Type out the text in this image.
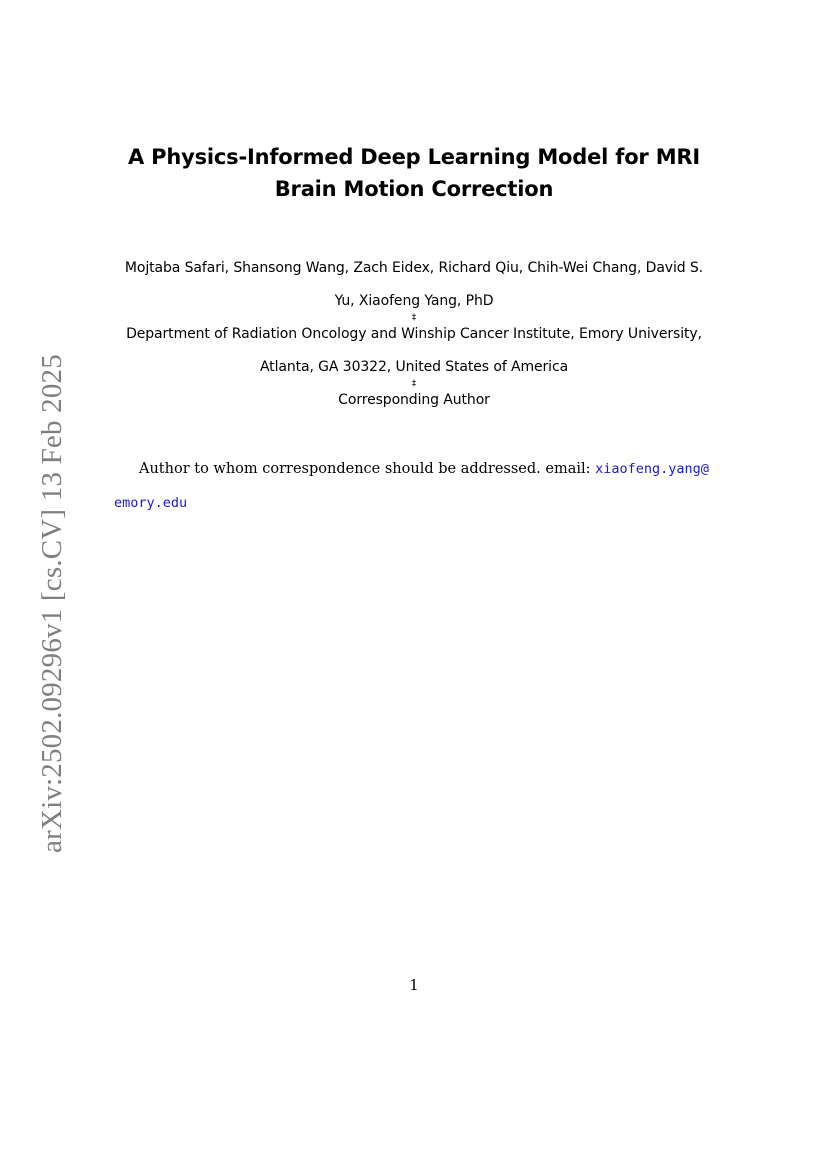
A Physics-Informed Deep Learning Model for MRI
Brain Motion Correction
Mojtaba Safari, Shansong Wang, Zach Eidex, Richard Qiu, Chih-Wei Chang, David S.
Yu, Xiaofeng Yang, PhD
‡
Department of Radiation Oncology and Winship Cancer Institute, Emory University,
Atlanta, GA 30322, United States of America
‡
Corresponding Author
Author to whom correspondence should be addressed. email: xiaofeng.yang@
emory.edu
1
arXiv:2502.09296v1 [cs.CV] 13 Feb 2025
